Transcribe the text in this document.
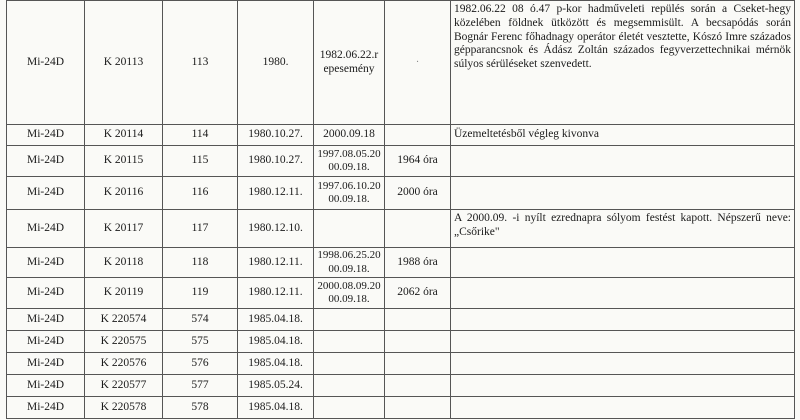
Mi-24D	K 20113	113	1980.	1982.06.22.r epesemény	·	1982.06.22 08 ó.47 p-kor hadműveleti repülés során a Cseket-hegy közelében földnek ütközött és megsemmisült. A becsapódás során Bognár Ferenc főhadnagy operátor életét vesztette, Kószó Imre százados gépparancsnok és Ádász Zoltán százados fegyverzettechnikai mérnök súlyos sérüléseket szenvedett.
Mi-24D	K 20114	114	1980.10.27.	2000.09.18		Üzemeltetésből végleg kivonva
Mi-24D	K 20115	115	1980.10.27.	1997.08.05.2000.09.18.	1964 óra	
Mi-24D	K 20116	116	1980.12.11.	1997.06.10.2000.09.18.	2000 óra	
Mi-24D	K 20117	117	1980.12.10.			A 2000.09. -i nyílt ezrednapra sólyom festést kapott. Népszerű neve: „Csőrike"
Mi-24D	K 20118	118	1980.12.11.	1998.06.25.2000.09.18.	1988 óra	
Mi-24D	K 20119	119	1980.12.11.	2000.08.09.2000.09.18.	2062 óra	
Mi-24D	K 220574	574	1985.04.18.			
Mi-24D	K 220575	575	1985.04.18.			
Mi-24D	K 220576	576	1985.04.18.			
Mi-24D	K 220577	577	1985.05.24.			
Mi-24D	K 220578	578	1985.04.18.			
